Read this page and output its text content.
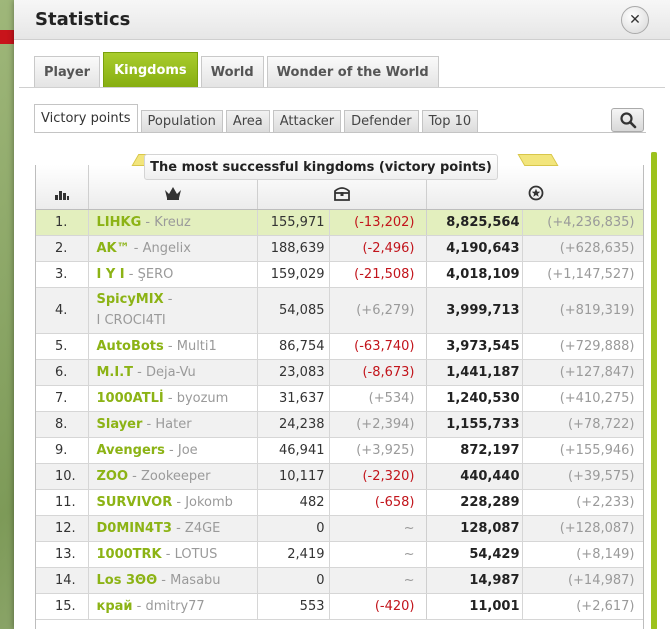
Statistics	✕
Player	Kingdoms	World	Wonder of the World
Victory points	Population	Area	Attacker	Defender	Top 10
The most successful kingdoms (victory points)

1.	LIHKG - Kreuz	155,971	(-13,202)	8,825,564	(+4,236,835)
2.	AK™ - Angelix	188,639	(-2,496)	4,190,643	(+628,635)
3.	I Y I - ŞERO	159,029	(-21,508)	4,018,109	(+1,147,527)
4.	SpicyMIX -
I CROCI4TI	54,085	(+6,279)	3,999,713	(+819,319)
5.	AutoBots - Multi1	86,754	(-63,740)	3,973,545	(+729,888)
6.	M.I.T - Deja-Vu	23,083	(-8,673)	1,441,187	(+127,847)
7.	1000ATLİ - byozum	31,637	(+534)	1,240,530	(+410,275)
8.	Slayer - Hater	24,238	(+2,394)	1,155,733	(+78,722)
9.	Avengers - Joe	46,941	(+3,925)	872,197	(+155,946)
10.	ZOO - Zookeeper	10,117	(-2,320)	440,440	(+39,575)
11.	SURVIVOR - Jokomb	482	(-658)	228,289	(+2,233)
12.	D0MIN4T3 - Z4GE	0	~	128,087	(+128,087)
13.	1000TRK - LOTUS	2,419	~	54,429	(+8,149)
14.	Los 3ΘΘ - Masabu	0	~	14,987	(+14,987)
15.	край - dmitry77	553	(-420)	11,001	(+2,617)
